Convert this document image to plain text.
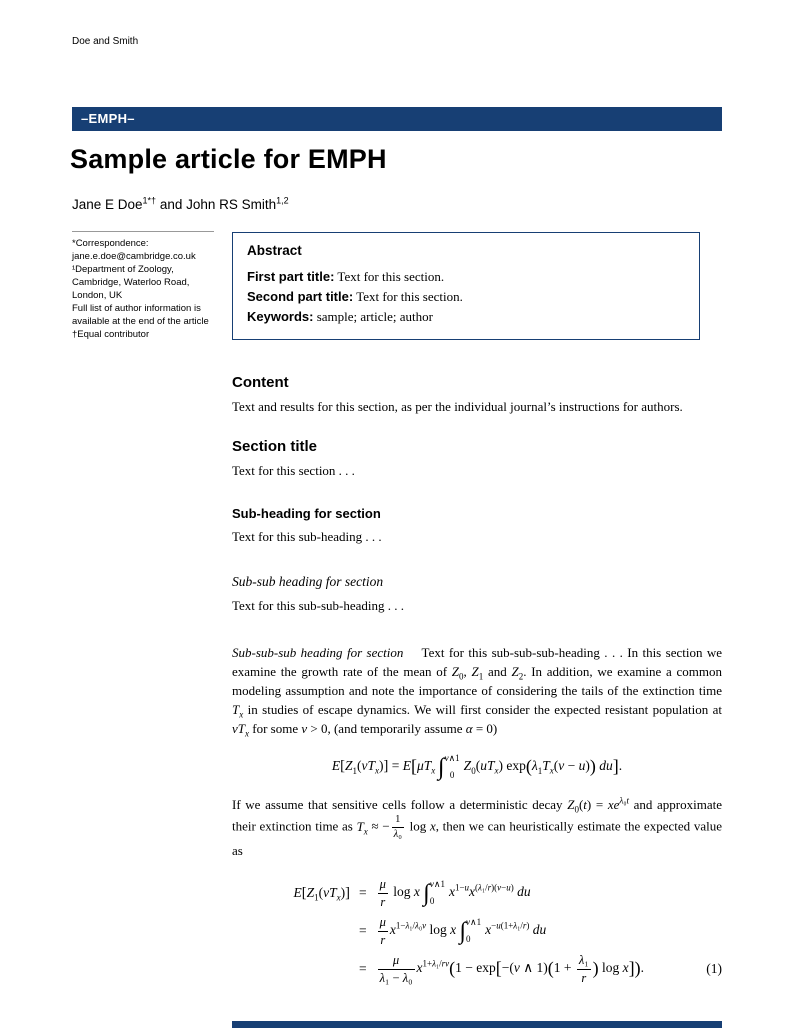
Doe and Smith
–EMPH–
Sample article for EMPH
Jane E Doe$^{1*\dagger}$ and John RS Smith$^{1,2}$
*Correspondence:
jane.e.doe@cambridge.co.uk
¹Department of Zoology,
Cambridge, Waterloo Road,
London, UK
Full list of author information is
available at the end of the article
†Equal contributor
Abstract
First part title: Text for this section.
Second part title: Text for this section.
Keywords: sample; article; author
Content

Text and results for this section, as per the individual journal’s instructions for authors.

Section title

Text for this section . . .

Sub-heading for section

Text for this sub-heading . . .

Sub-sub heading for section

Text for this sub-sub-heading . . .

Sub-sub-sub heading for section Text for this sub-sub-sub-heading . . . In this section we examine the growth rate of the mean of $Z_0$, $Z_1$ and $Z_2$. In addition, we examine a common modeling assumption and note the importance of considering the tails of the extinction time $T_x$ in studies of escape dynamics. We will first consider the expected resistant population at $vT_x$ for some v > 0, (and temporarily assume α = 0)

$E[Z_1(vT_x)] = E[\mu T_x$  ∫ v∧1
0
$Z_0(uT_x) \exp(\lambda_1T_x(v - u))$ du].

If we assume that sensitive cells follow a deterministic decay $Z_0(t) = xe^{\lambda_0t}$ and approximate their extinction time as $T_x$ ≈ − $\frac{1}{\text{λ₀}}$ log x, then we can heuristically estimate the expected value as

$E[Z_1(vT_x)] = \frac{\mu}{r}$ log x ∫ v∧1
0
$x^{1-u}x^{(\lambda_1/r)(v-u)}$ du
= $\frac{\mu}{r} x^{1-\lambda_1/\lambda_0v}$ log x ∫ v∧1
0
$x^{-u(1+\lambda_1/r)}$ du
= $\frac{\mu}{\text{λ₁ − λ₀}} x^{1+\lambda_1/rv}(1 - \exp[-(v$ ∧ $1)(1 + \frac{\text{λ₁}}{r}$ ) log x]).	(1)
